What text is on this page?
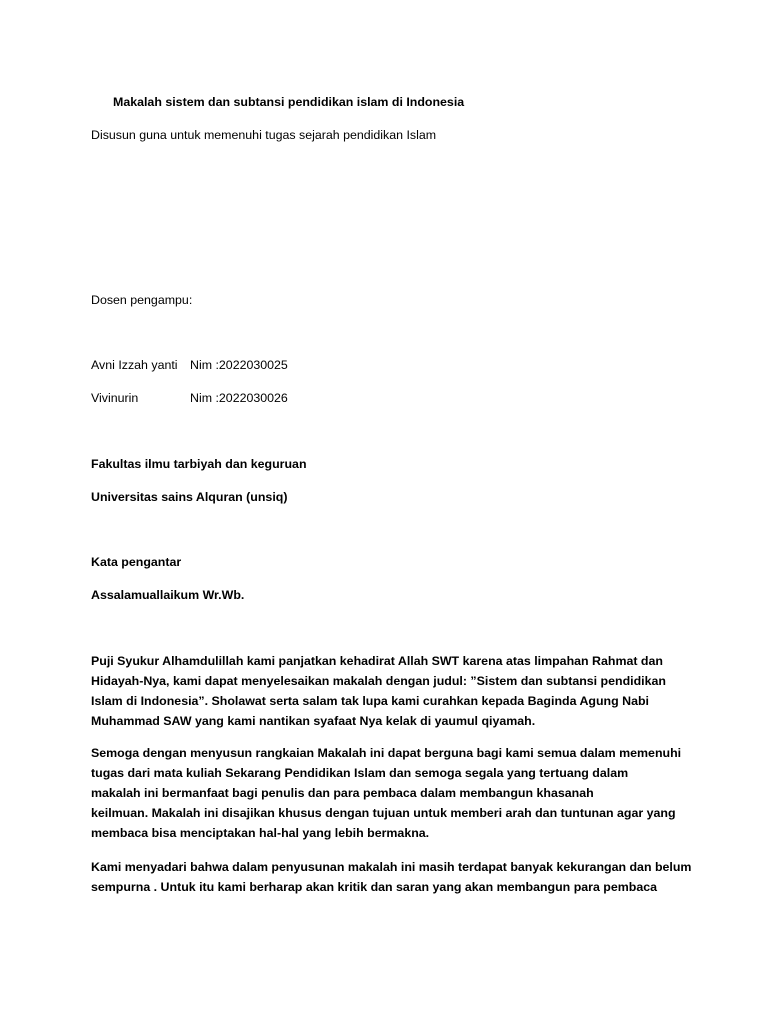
Makalah sistem dan subtansi pendidikan islam di Indonesia
Disusun guna untuk memenuhi tugas sejarah pendidikan Islam
Dosen pengampu:
Avni Izzah yanti Nim :2022030025
Vivinurin	Nim :2022030026
Fakultas ilmu tarbiyah dan keguruan
Universitas sains Alquran (unsiq)
Kata pengantar
Assalamuallaikum Wr.Wb.
Puji Syukur Alhamdulillah kami panjatkan kehadirat Allah SWT karena atas limpahan Rahmat dan
Hidayah-Nya, kami dapat menyelesaikan makalah dengan judul: ”Sistem dan subtansi pendidikan
Islam di Indonesia”. Sholawat serta salam tak lupa kami curahkan kepada Baginda Agung Nabi
Muhammad SAW yang kami nantikan syafaat Nya kelak di yaumul qiyamah.
Semoga dengan menyusun rangkaian Makalah ini dapat berguna bagi kami semua dalam memenuhi
tugas dari mata kuliah Sekarang Pendidikan Islam dan semoga segala yang tertuang dalam
makalah ini bermanfaat bagi penulis dan para pembaca dalam membangun khasanah
keilmuan. Makalah ini disajikan khusus dengan tujuan untuk memberi arah dan tuntunan agar yang
membaca bisa menciptakan hal-hal yang lebih bermakna.
Kami menyadari bahwa dalam penyusunan makalah ini masih terdapat banyak kekurangan dan belum
sempurna . Untuk itu kami berharap akan kritik dan saran yang akan membangun para pembaca
